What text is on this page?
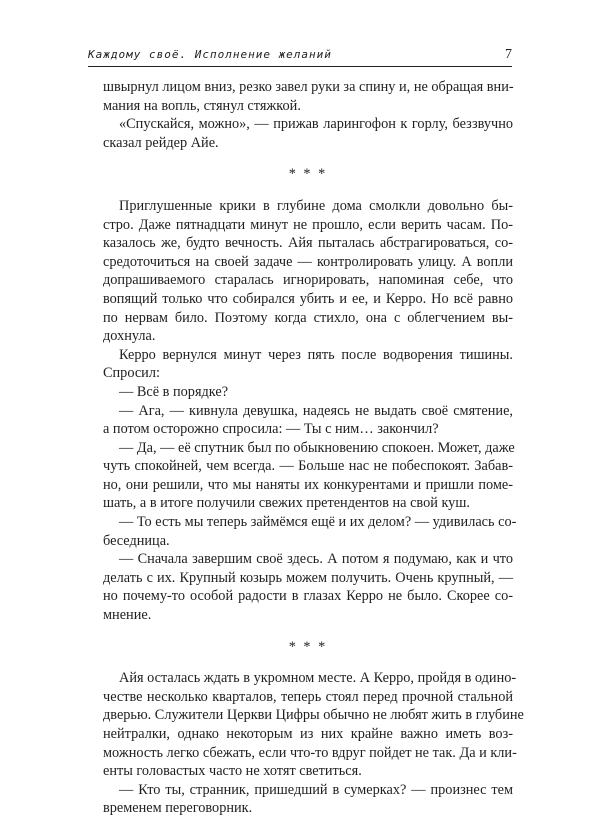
Каждому своё. Исполнение желаний	7
швырнул лицом вниз, резко завел руки за спину и, не обращая вни-
мания на вопль, стянул стяжкой.
«Спускайся, можно», — прижав ларингофон к горлу, беззвучно
сказал рейдер Айе.
* * *
Приглушенные крики в глубине дома смолкли довольно бы-
стро. Даже пятнадцати минут не прошло, если верить часам. По-
казалось же, будто вечность. Айя пыталась абстрагироваться, со-
средоточиться на своей задаче — контролировать улицу. А вопли
допрашиваемого старалась игнорировать, напоминая себе, что
вопящий только что собирался убить и ее, и Керро. Но всё равно
по нервам било. Поэтому когда стихло, она с облегчением вы-
дохнула.
Керро вернулся минут через пять после водворения тишины.
Спросил:
— Всё в порядке?
— Ага, — кивнула девушка, надеясь не выдать своё смятение,
а потом осторожно спросила: — Ты с ним… закончил?
— Да, — её спутник был по обыкновению спокоен. Может, даже
чуть спокойней, чем всегда. — Больше нас не побеспокоят. Забав-
но, они решили, что мы наняты их конкурентами и пришли поме-
шать, а в итоге получили свежих претендентов на свой куш.
— То есть мы теперь займёмся ещё и их делом? — удивилась со-
беседница.
— Сначала завершим своё здесь. А потом я подумаю, как и что
делать с их. Крупный козырь можем получить. Очень крупный, —
но почему-то особой радости в глазах Керро не было. Скорее со-
мнение.
* * *
Айя осталась ждать в укромном месте. А Керро, пройдя в одино-
честве несколько кварталов, теперь стоял перед прочной стальной
дверью. Служители Церкви Цифры обычно не любят жить в глубине
нейтралки, однако некоторым из них крайне важно иметь воз-
можность легко сбежать, если что-то вдруг пойдет не так. Да и кли-
енты головастых часто не хотят светиться.
— Кто ты, странник, пришедший в сумерках? — произнес тем
временем переговорник.
